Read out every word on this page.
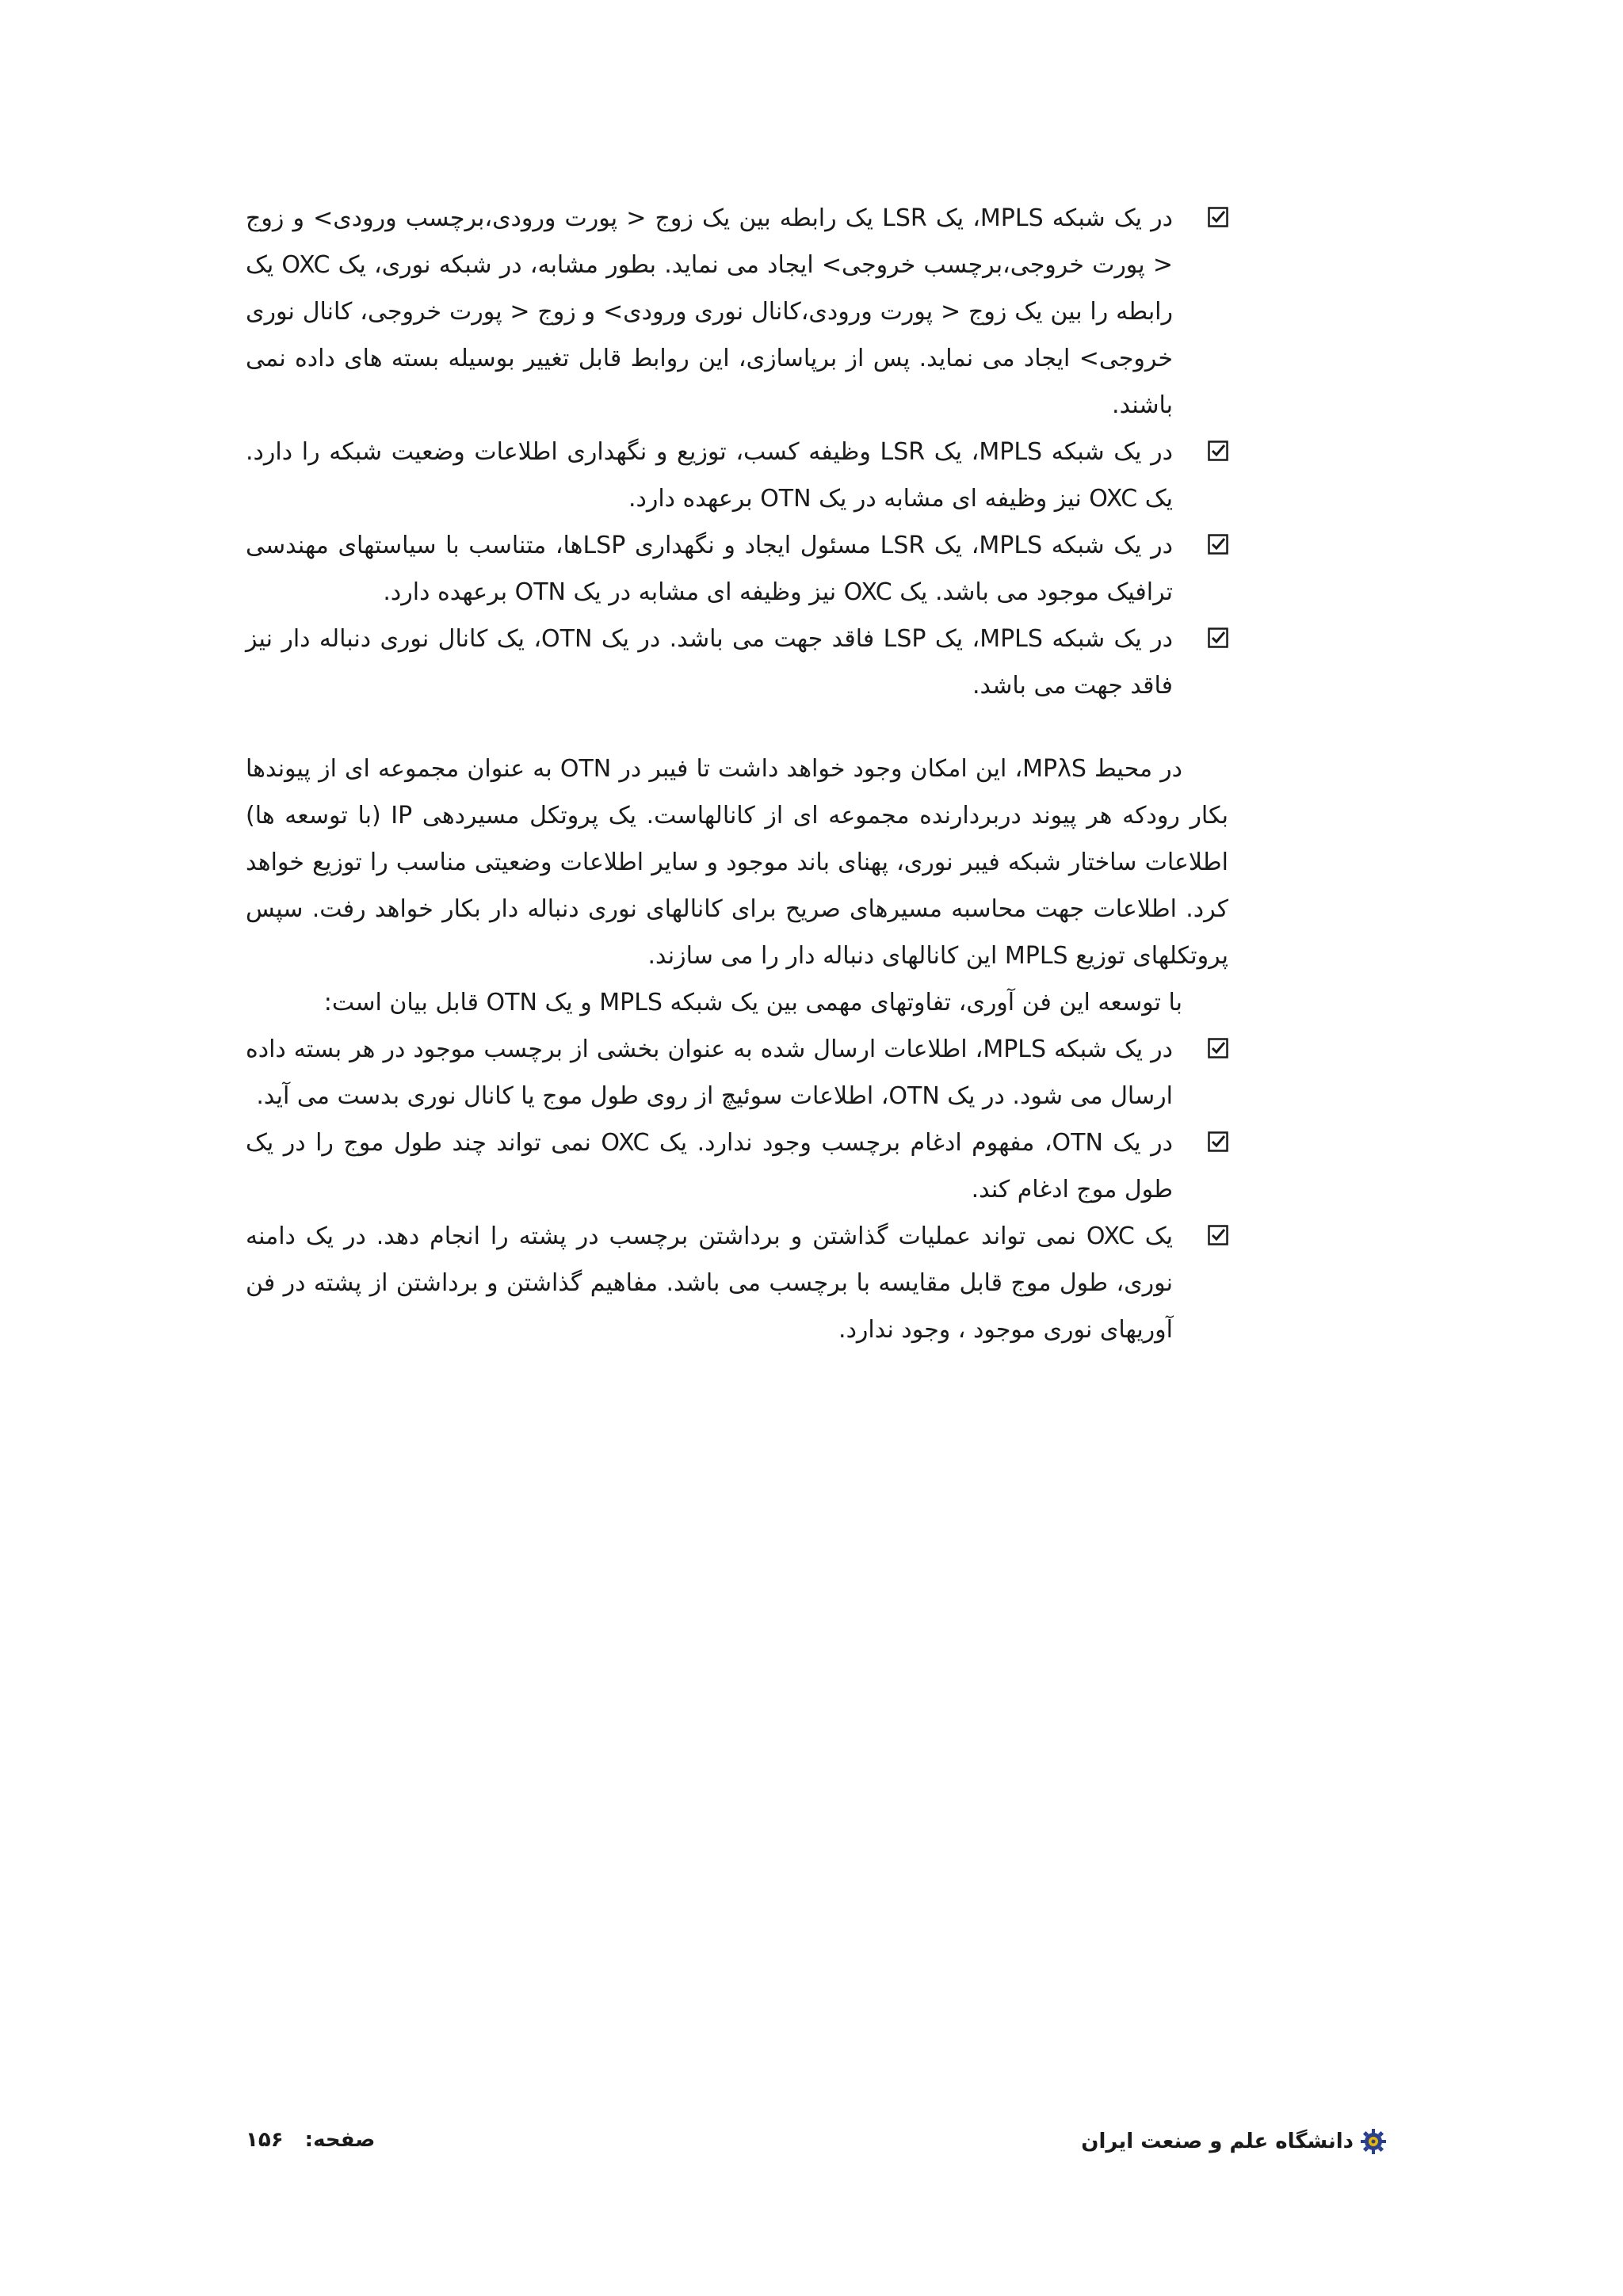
در یک شبکه MPLS، یک LSR یک رابطه بین یک زوج < پورت ورودی،برچسب ورودی> و زوج < پورت خروجی،برچسب خروجی> ایجاد می نماید. بطور مشابه، در شبکه نوری، یک OXC یک رابطه را بین یک زوج < پورت ورودی،کانال نوری ورودی> و زوج < پورت خروجی، کانال نوری خروجی> ایجاد می نماید. پس از برپاسازی، این روابط قابل تغییر بوسیله بسته های داده نمی باشند.
در یک شبکه MPLS، یک LSR وظیفه کسب، توزیع و نگهداری اطلاعات وضعیت شبکه را دارد. یک OXC نیز وظیفه ای مشابه در یک OTN برعهده دارد.
در یک شبکه MPLS، یک LSR مسئول ایجاد و نگهداری LSPها، متناسب با سیاستهای مهندسی ترافیک موجود می باشد. یک OXC نیز وظیفه ای مشابه در یک OTN برعهده دارد.
در یک شبکه MPLS، یک LSP فاقد جهت می باشد. در یک OTN، یک کانال نوری دنباله دار نیز فاقد جهت می باشد.

در محیط MPλS، این امکان وجود خواهد داشت تا فیبر در OTN به عنوان مجموعه ای از پیوندها بکار رودکه هر پیوند دربردارنده مجموعه ای از کانالهاست. یک پروتکل مسیردهی IP (با توسعه ها) اطلاعات ساختار شبکه فیبر نوری، پهنای باند موجود و سایر اطلاعات وضعیتی مناسب را توزیع خواهد کرد. اطلاعات جهت محاسبه مسیرهای صریح برای کانالهای نوری دنباله دار بکار خواهد رفت. سپس پروتکلهای توزیع MPLS این کانالهای دنباله دار را می سازند.

با توسعه این فن آوری، تفاوتهای مهمی بین یک شبکه MPLS و یک OTN قابل بیان است:

در یک شبکه MPLS، اطلاعات ارسال شده به عنوان بخشی از برچسب موجود در هر بسته داده ارسال می شود. در یک OTN، اطلاعات سوئیچ از روی طول موج یا کانال نوری بدست می آید.
در یک OTN، مفهوم ادغام برچسب وجود ندارد. یک OXC نمی تواند چند طول موج را در یک طول موج ادغام کند.
یک OXC نمی تواند عملیات گذاشتن و برداشتن برچسب در پشته را انجام دهد. در یک دامنه نوری، طول موج قابل مقایسه با برچسب می باشد. مفاهیم گذاشتن و برداشتن از پشته در فن آوریهای نوری موجود ، وجود ندارد.
دانشگاه علم و صنعت ایران
صفحه: ۱۵۶
